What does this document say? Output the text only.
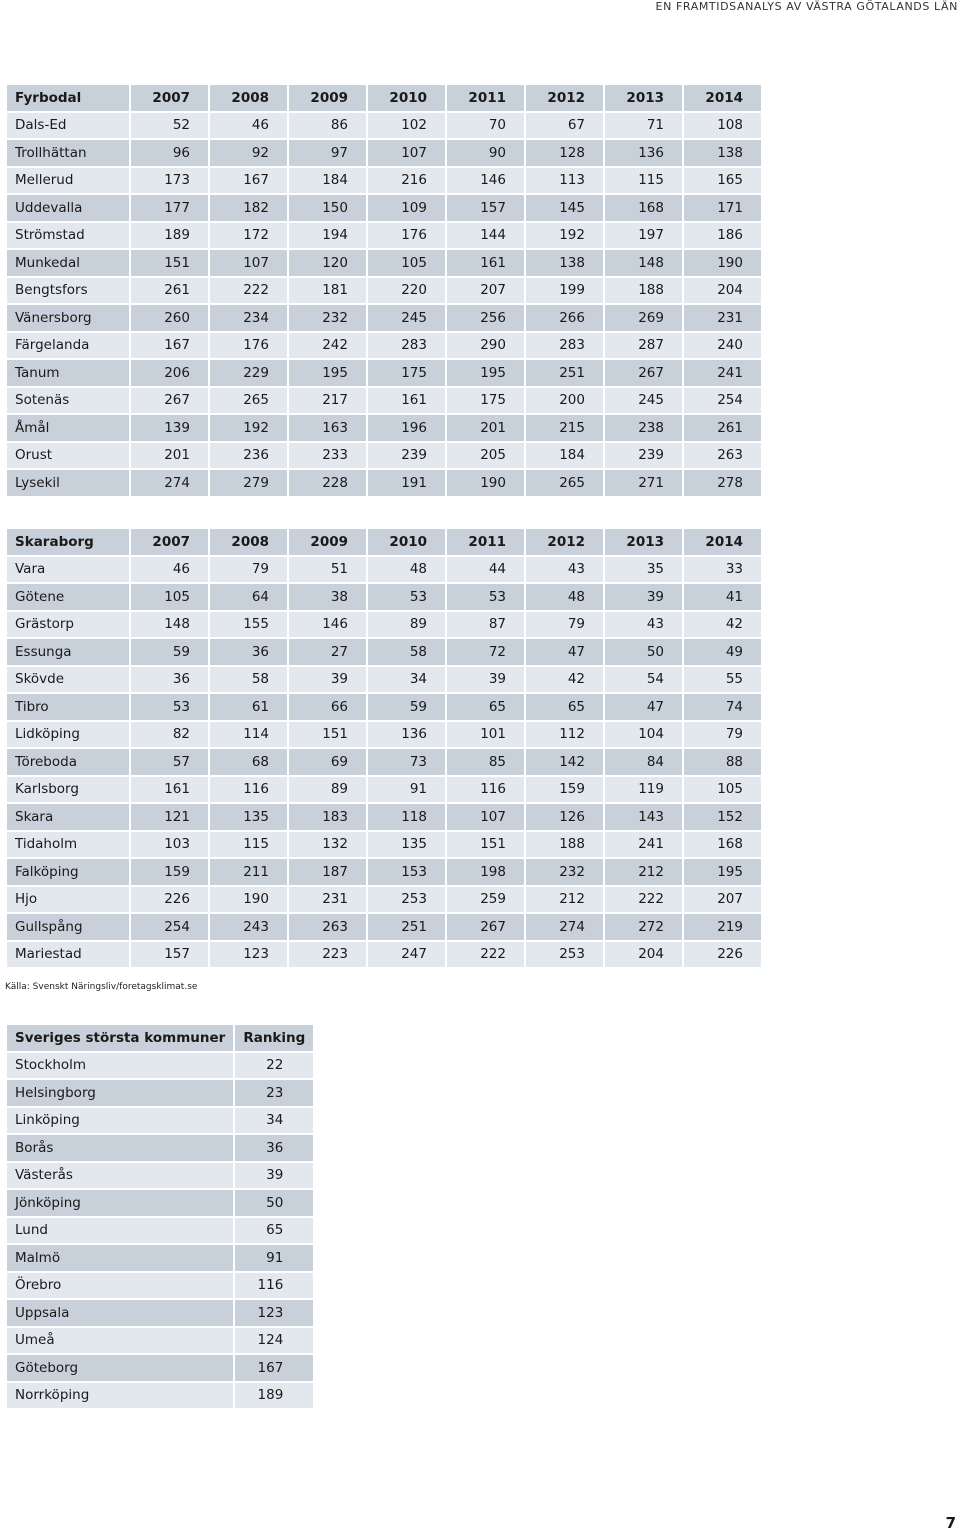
EN FRAMTIDSANALYS AV VÄSTRA GÖTALANDS LÄN
Fyrbodal	2007	2008	2009	2010	2011	2012	2013	2014
Dals-Ed	52	46	86	102	70	67	71	108
Trollhättan	96	92	97	107	90	128	136	138
Mellerud	173	167	184	216	146	113	115	165
Uddevalla	177	182	150	109	157	145	168	171
Strömstad	189	172	194	176	144	192	197	186
Munkedal	151	107	120	105	161	138	148	190
Bengtsfors	261	222	181	220	207	199	188	204
Vänersborg	260	234	232	245	256	266	269	231
Färgelanda	167	176	242	283	290	283	287	240
Tanum	206	229	195	175	195	251	267	241
Sotenäs	267	265	217	161	175	200	245	254
Åmål	139	192	163	196	201	215	238	261
Orust	201	236	233	239	205	184	239	263
Lysekil	274	279	228	191	190	265	271	278
Skaraborg	2007	2008	2009	2010	2011	2012	2013	2014
Vara	46	79	51	48	44	43	35	33
Götene	105	64	38	53	53	48	39	41
Grästorp	148	155	146	89	87	79	43	42
Essunga	59	36	27	58	72	47	50	49
Skövde	36	58	39	34	39	42	54	55
Tibro	53	61	66	59	65	65	47	74
Lidköping	82	114	151	136	101	112	104	79
Töreboda	57	68	69	73	85	142	84	88
Karlsborg	161	116	89	91	116	159	119	105
Skara	121	135	183	118	107	126	143	152
Tidaholm	103	115	132	135	151	188	241	168
Falköping	159	211	187	153	198	232	212	195
Hjo	226	190	231	253	259	212	222	207
Gullspång	254	243	263	251	267	274	272	219
Mariestad	157	123	223	247	222	253	204	226
Källa: Svenskt Näringsliv/foretagsklimat.se
Sveriges största kommuner	Ranking
Stockholm	22
Helsingborg	23
Linköping	34
Borås	36
Västerås	39
Jönköping	50
Lund	65
Malmö	91
Örebro	116
Uppsala	123
Umeå	124
Göteborg	167
Norrköping	189
7
